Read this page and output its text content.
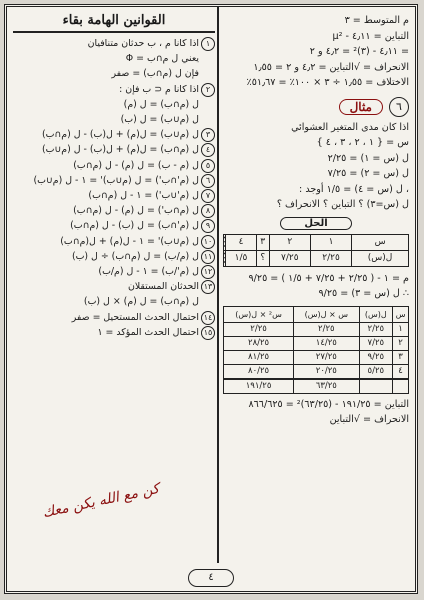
م المتوسط = ٣
التباين = ٤٫١١ - μ²
= ٤٫١١ - (٣)² = ٤٫٢ و ٢
الانحراف = √التباين = ٤٫٢ و ٢ = ١٫٥٥
الاختلاف = ١٫٥٥ ÷ ٣ × ١٠٠٪ = ٥١٫٦٧٪
٦
مثال
اذا كان مدى المتغير العشوائي
س = { ١ ، ٢ ، ٣ ، ٤ }
ل (س = ١) = ٢/٢٥
ل (س = ٢) = ٧/٢٥
، ل (س = ٤) = ١/٥ أوجد :
ل (س=٣) ؟ التباين ؟ الانحراف ؟
الحل
س	١	٢	٣	٤	
ل(س)	٢/٢٥	٧/٢٥	؟	١/٥	
م = ١ - ( ٢/٢٥ + ٧/٢٥ + ١/٥ ) = ٩/٢٥
∴ ل (س = ٣) = ٩/٢٥
س	ل(س)	س × ل(س)	س² × ل(س)
١	٢/٢٥	٢/٢٥	٢/٢٥
٢	٧/٢٥	١٤/٢٥	٢٨/٢٥
٣	٩/٢٥	٢٧/٢٥	٨١/٢٥
٤	٥/٢٥	٢٠/٢٥	٨٠/٢٥
		٦٣/٢٥	١٩١/٢٥
التباين = ١٩١/٢٥ - (٦٣/٢٥)² = ٨٦٦/٦٢٥
الانحراف = √التباين
القوانين الهامة بقاء
١اذا كانا م ، ب حدثان متنافيان
يعني ل م∩ب = Φ
فإن ل (م∩ب) = صفر
٢اذا كانا م ⊂ ب فإن :
ل (م∩ب) = ل (م)
ل (م∪ب) = ل (ب)
٣ل (م∪ب) = ل(م) + ل(ب) - ل (م∩ب)
٤ل (م∩ب) = ل(م) + ل(ب) - ل (م∪ب)
٥ل (م - ب) = ل (م) - ل (م∩ب)
٦ل (م'∩ب') = ل (م∪ب)' = ١ - ل (م∪ب)
٧ل (م'∪ب') = ١ - ل (م∩ب)
٨ل (م∩ب') = ل (م) - ل (م∩ب)
٩ل (م'∩ب) = ل (ب) - ل (م∩ب)
١٠ل (م∪ب)' = ١ - ل(م) + ل(م∩ب)
١١ل (م/ب) = ل (م∩ب) ÷ ل (ب)
١٢ل (م'/ب) = ١ - ل (م/ب)
١٣الحدثان المستقلان
ل (م∩ب) = ل (م) × ل (ب)
١٤احتمال الحدث المستحيل = صفر
١٥احتمال الحدث المؤكد = ١
كن مع الله يكن معك
٤
